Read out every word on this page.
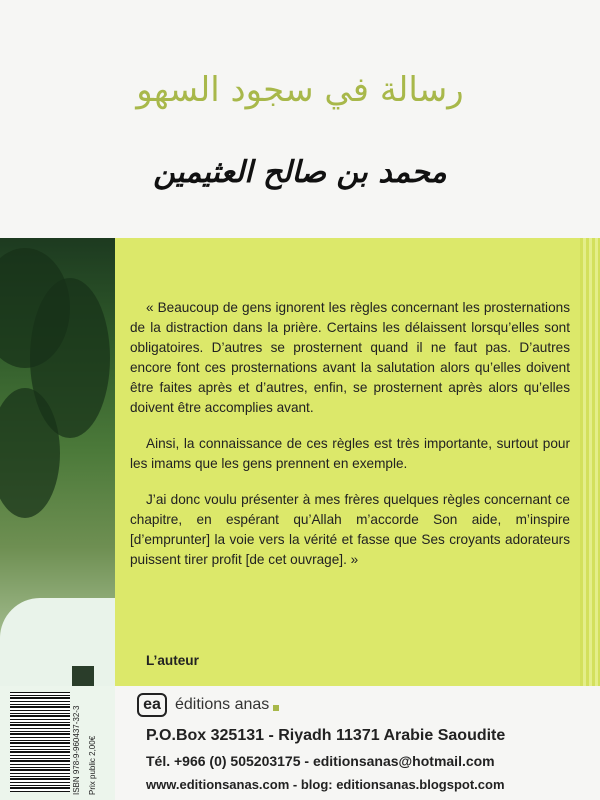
رسالة في سجود السهو
محمد بن صالح العثيمين

« Beaucoup de gens ignorent les règles concernant les prosternations de la distraction dans la prière. Certains les délaissent lorsqu’elles sont obligatoires. D’autres se prosternent quand il ne faut pas. D’autres encore font ces prosternations avant la salutation alors qu’elles doivent être faites après et d’autres, enfin, se prosternent après alors qu’elles doivent être accomplies avant.

Ainsi, la connaissance de ces règles est très importante, surtout pour les imams que les gens prennent en exemple.

J’ai donc voulu présenter à mes frères quelques règles concernant ce chapitre, en espérant qu’Allah m’accorde Son aide, m’inspire [d’emprunter] la voie vers la vérité et fasse que Ses croyants adorateurs puissent tirer profit [de cet ouvrage]. »

L’auteur
ISBN 978-9-960437-32-3 Prix public 2,00€
ea éditions anas
P.O.Box 325131 - Riyadh 11371 Arabie Saoudite
Tél. +966 (0) 505203175 - editionsanas@hotmail.com
www.editionsanas.com - blog: editionsanas.blogspot.com
